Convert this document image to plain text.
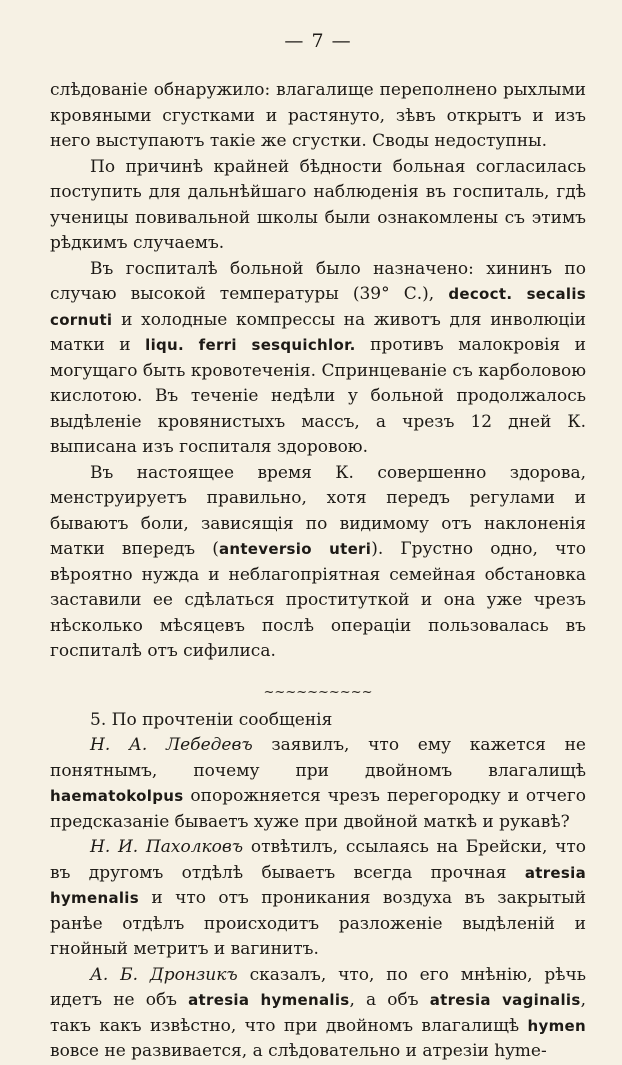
— 7 —

слѣдованіе обнаружило: влагалище переполнено рыхлыми кровяными сгустками и растянуто, зѣвъ открытъ и изъ него выступаютъ такіе же сгустки. Своды недоступны.

По причинѣ крайней бѣдности больная согласилась поступить для дальнѣйшаго наблюденія въ госпиталь, гдѣ ученицы повивальной школы были ознакомлены съ этимъ рѣдкимъ случаемъ.

Въ госпиталѣ больной было назначено: хининъ по случаю высокой температуры (39° С.), decoct. secalis cornuti и холодные компрессы на животъ для инволюціи матки и liqu. ferri sesquichlor. противъ малокровія и могущаго быть кровотеченія. Спринцеваніе съ карболовою кислотою. Въ теченіе недѣли у больной продолжалось выдѣленіе кровянистыхъ массъ, а чрезъ 12 дней К. выписана изъ госпиталя здоровою.

Въ настоящее время К. совершенно здорова, менструируетъ правильно, хотя передъ регулами и бываютъ боли, зависящія по видимому отъ наклоненія матки впередъ (anteversio uteri). Грустно одно, что вѣроятно нужда и неблагопріятная семейная обстановка заставили ее сдѣлаться проституткой и она уже чрезъ нѣсколько мѣсяцевъ послѣ операціи пользовалась въ госпиталѣ отъ сифилиса.

~~~~~~~~~~

5. По прочтеніи сообщенія

Н. А. Лебедевъ заявилъ, что ему кажется не понятнымъ, почему при двойномъ влагалищѣ haematokolpus опорожняется чрезъ перегородку и отчего предсказаніе бываетъ хуже при двойной маткѣ и рукавѣ?

Н. И. Пахолковъ отвѣтилъ, ссылаясь на Брейски, что въ другомъ отдѣлѣ бываетъ всегда прочная atresia hymenalis и что отъ проникания воздуха въ закрытый ранѣе отдѣлъ происходитъ разложеніе выдѣленій и гнойный метритъ и вагинитъ.

А. Б. Дронзикъ сказалъ, что, по его мнѣнію, рѣчь идетъ не объ atresia hymenalis, а объ atresia vaginalis, такъ какъ извѣстно, что при двойномъ влагалищѣ hymen вовсе не развивается, а слѣдовательно и атрезіи hyme-
